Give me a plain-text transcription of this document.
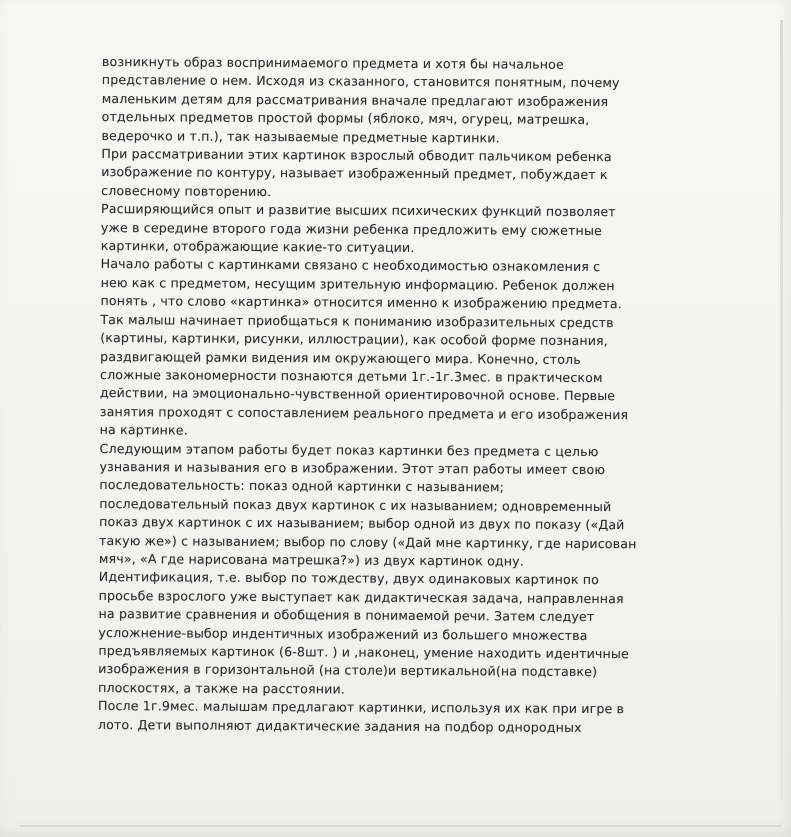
возникнуть образ воспринимаемого предмета и хотя бы начальное
представление о нем. Исходя из сказанного, становится понятным, почему
маленьким детям для рассматривания вначале предлагают изображения
отдельных предметов простой формы (яблоко, мяч, огурец, матрешка,
ведерочко и т.п.), так называемые предметные картинки.
При рассматривании этих картинок взрослый обводит пальчиком ребенка
изображение по контуру, называет изображенный предмет, побуждает к
словесному повторению.
Расширяющийся опыт и развитие высших психических функций позволяет
уже в середине второго года жизни ребенка предложить ему сюжетные
картинки, отображающие какие-то ситуации.
Начало работы с картинками связано с необходимостью ознакомления с
нею как с предметом, несущим зрительную информацию. Ребенок должен
понять , что слово «картинка» относится именно к изображению предмета.
Так малыш начинает приобщаться к пониманию изобразительных средств
(картины, картинки, рисунки, иллюстрации), как особой форме познания,
раздвигающей рамки видения им окружающего мира. Конечно, столь
сложные закономерности познаются детьми 1г.-1г.3мес. в практическом
действии, на эмоционально-чувственной ориентировочной основе. Первые
занятия проходят с сопоставлением реального предмета и его изображения
на картинке.
Следующим этапом работы будет показ картинки без предмета с целью
узнавания и называния его в изображении. Этот этап работы имеет свою
последовательность: показ одной картинки с называнием;
последовательный показ двух картинок с их называнием; одновременный
показ двух картинок с их называнием; выбор одной из двух по показу («Дай
такую же») с называнием; выбор по слову («Дай мне картинку, где нарисован
мяч», «А где нарисована матрешка?») из двух картинок одну.
Идентификация, т.е. выбор по тождеству, двух одинаковых картинок по
просьбе взрослого уже выступает как дидактическая задача, направленная
на развитие сравнения и обобщения в понимаемой речи. Затем следует
усложнение-выбор индентичных изображений из большего множества
предъявляемых картинок (6-8шт. ) и ,наконец, умение находить идентичные
изображения в горизонтальной (на столе)и вертикальной(на подставке)
плоскостях, а также на расстоянии.
После 1г.9мес. малышам предлагают картинки, используя их как при игре в
лото. Дети выполняют дидактические задания на подбор однородных
